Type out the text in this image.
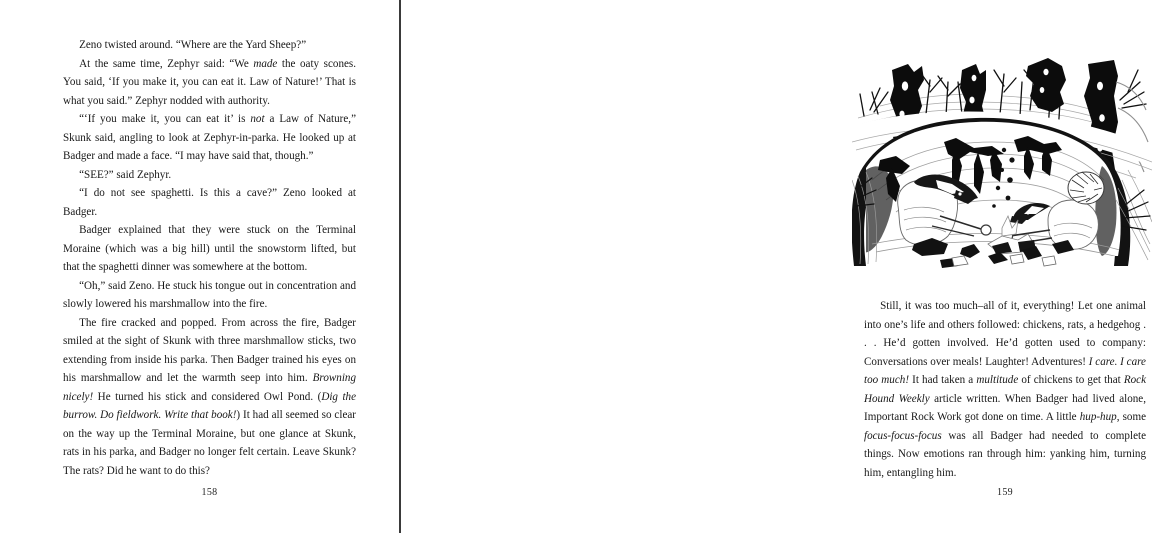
Zeno twisted around. “Where are the Yard Sheep?”

At the same time, Zephyr said: “We made the oaty scones. You said, ‘If you make it, you can eat it. Law of Nature!’ That is what you said.” Zephyr nodded with authority.

“‘If you make it, you can eat it’ is not a Law of Nature,” Skunk said, angling to look at Zephyr-in-parka. He looked up at Badger and made a face. “I may have said that, though.”

“SEE?” said Zephyr.

“I do not see spaghetti. Is this a cave?” Zeno looked at Badger.

Badger explained that they were stuck on the Terminal Moraine (which was a big hill) until the snowstorm lifted, but that the spaghetti dinner was somewhere at the bottom.

“Oh,” said Zeno. He stuck his tongue out in concentration and slowly lowered his marshmallow into the fire.

The fire cracked and popped. From across the fire, Badger smiled at the sight of Skunk with three marshmallow sticks, two extending from inside his parka. Then Badger trained his eyes on his marshmallow and let the warmth seep into him. Browning nicely! He turned his stick and considered Owl Pond. (Dig the burrow. Do fieldwork. Write that book!) It had all seemed so clear on the way up the Terminal Moraine, but one glance at Skunk, rats in his parka, and Badger no longer felt certain. Leave Skunk? The rats? Did he want to do this?

158

Still, it was too much–all of it, everything! Let one animal into one’s life and others followed: chickens, rats, a hedgehog . . . He’d gotten involved. He’d gotten used to company: Conversations over meals! Laughter! Adventures! I care. I care too much! It had taken a multitude of chickens to get that Rock Hound Weekly article written. When Badger had lived alone, Important Rock Work got done on time. A little hup-hup, some focus-focus-focus was all Badger had needed to complete things. Now emotions ran through him: yanking him, turning him, entangling him.

159
